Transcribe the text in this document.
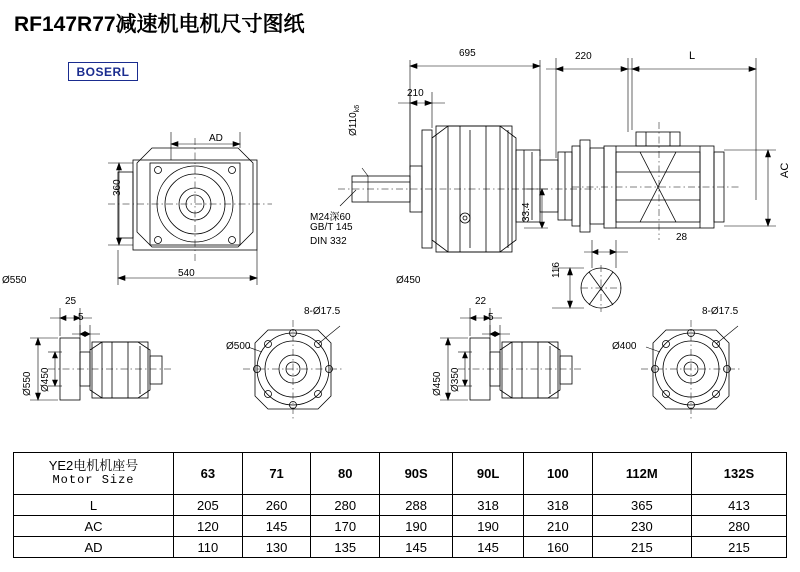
RF147R77减速机电机尺寸图纸
BOSERL
695	220	L
210
$Ø110_{k6}$
360
AD
540
AC
33.4
28
116
M24深60
GB/T 145
DIN 332
Ø550	Ø450
25
5
22
5
8-Ø17.5	8-Ø17.5
Ø500	Ø400
Ø550 Ø450	Ø450 Ø350
YE2电机机座号
Motor Size	63	71	80	90S	90L	100	112M	132S
L	205	260	280	288	318	318	365	413
AC	120	145	170	190	190	210	230	280
AD	110	130	135	145	145	160	215	215
